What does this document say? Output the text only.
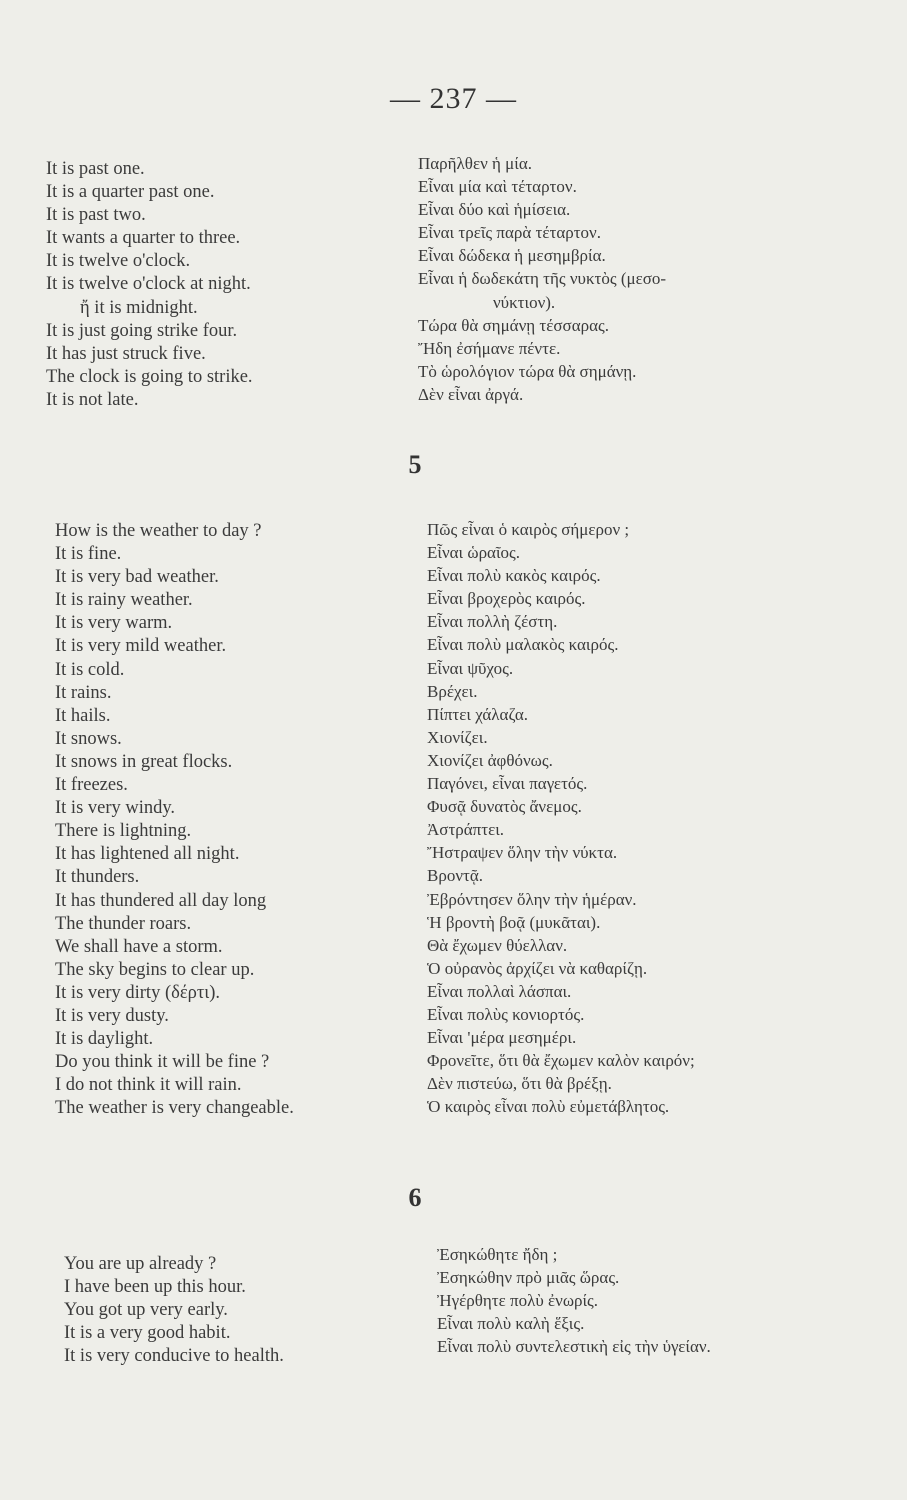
— 237 —
It is past one.
It is a quarter past one.
It is past two.
It wants a quarter to three.
It is twelve o'clock.
It is twelve o'clock at night.
ἤ it is midnight.
It is just going strike four.
It has just struck five.
The clock is going to strike.
It is not late.
Παρῆλθεν ἡ μία.
Εἶναι μία καὶ τέταρτον.
Εἶναι δύο καὶ ἡμίσεια.
Εἶναι τρεῖς παρὰ τέταρτον.
Εἶναι δώδεκα ἡ μεσημβρία.
Εἶναι ἡ δωδεκάτη τῆς νυκτὸς (μεσο-
νύκτιον).
Τώρα θὰ σημάνῃ τέσσαρας.
Ἤδη ἐσήμανε πέντε.
Τὸ ὡρολόγιον τώρα θὰ σημάνῃ.
Δὲν εἶναι ἀργά.
5
How is the weather to day ?
It is fine.
It is very bad weather.
It is rainy weather.
It is very warm.
It is very mild weather.
It is cold.
It rains.
It hails.
It snows.
It snows in great flocks.
It freezes.
It is very windy.
There is lightning.
It has lightened all night.
It thunders.
It has thundered all day long
The thunder roars.
We shall have a storm.
The sky begins to clear up.
It is very dirty (δέρτι).
It is very dusty.
It is daylight.
Do you think it will be fine ?
I do not think it will rain.
The weather is very changeable.
Πῶς εἶναι ὁ καιρὸς σήμερον ;
Εἶναι ὡραῖος.
Εἶναι πολὺ κακὸς καιρός.
Εἶναι βροχερὸς καιρός.
Εἶναι πολλὴ ζέστη.
Εἶναι πολὺ μαλακὸς καιρός.
Εἶναι ψῦχος.
Βρέχει.
Πίπτει χάλαζα.
Χιονίζει.
Χιονίζει ἀφθόνως.
Παγόνει, εἶναι παγετός.
Φυσᾷ δυνατὸς ἄνεμος.
Ἀστράπτει.
Ἤστραψεν ὅλην τὴν νύκτα.
Βροντᾷ.
Ἐβρόντησεν ὅλην τὴν ἡμέραν.
Ἡ βροντὴ βοᾷ (μυκᾶται).
Θὰ ἔχωμεν θύελλαν.
Ὁ οὐρανὸς ἀρχίζει νὰ καθαρίζῃ.
Εἶναι πολλαὶ λάσπαι.
Εἶναι πολὺς κονιορτός.
Εἶναι 'μέρα μεσημέρι.
Φρονεῖτε, ὅτι θὰ ἔχωμεν καλὸν καιρόν;
Δὲν πιστεύω, ὅτι θὰ βρέξῃ.
Ὁ καιρὸς εἶναι πολὺ εὐμετάβλητος.
6
You are up already ?
I have been up this hour.
You got up very early.
It is a very good habit.
It is very conducive to health.
Ἐσηκώθητε ἤδη ;
Ἐσηκώθην πρὸ μιᾶς ὥρας.
Ἠγέρθητε πολὺ ἐνωρίς.
Εἶναι πολὺ καλὴ ἕξις.
Εἶναι πολὺ συντελεστικὴ εἰς τὴν ὑγείαν.
